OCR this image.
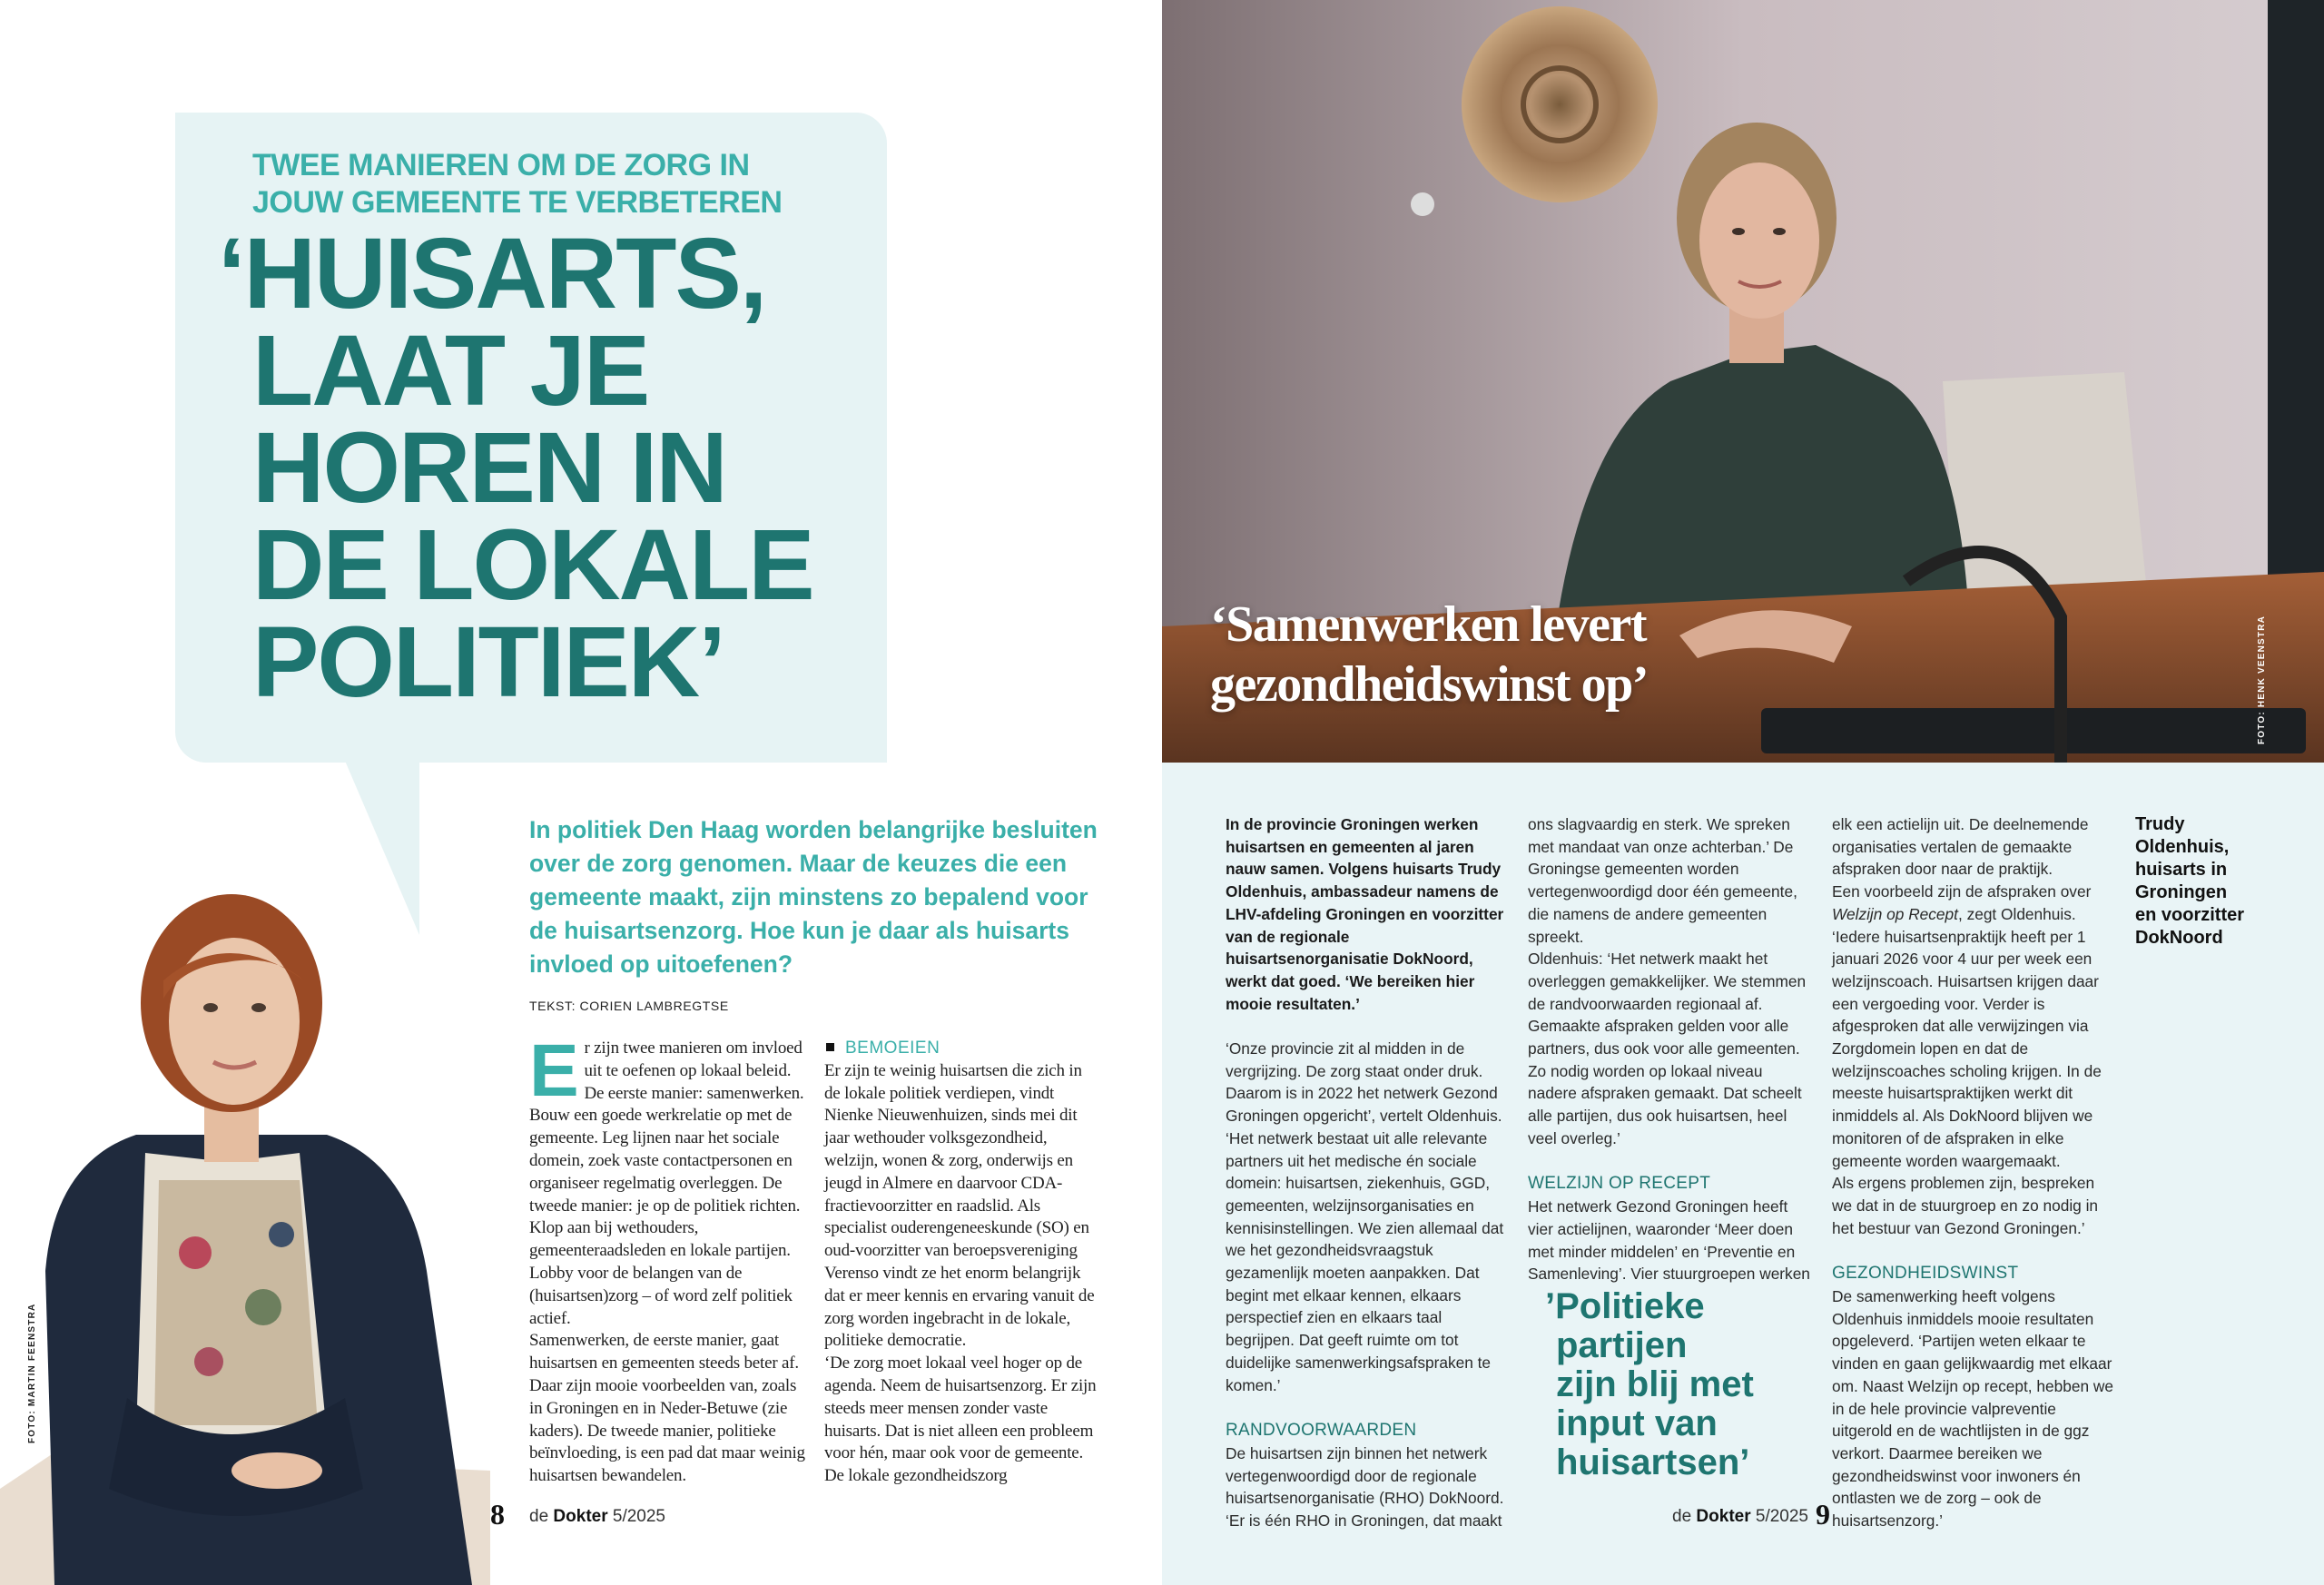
TWEE MANIEREN OM DE ZORG IN
JOUW GEMEENTE TE VERBETEREN
‘HUISARTS,
LAAT JE
HOREN IN
DE LOKALE
POLITIEK’
In politiek Den Haag worden belangrijke besluiten over de zorg genomen. Maar de keuzes die een gemeente maakt, zijn minstens zo bepalend voor de huisartsenzorg. Hoe kun je daar als huisarts invloed op uitoefenen?
TEKST: CORIEN LAMBREGTSE

Er zijn twee manieren om invloed uit te oefenen op lokaal beleid. De eerste manier: samenwerken. Bouw een goede werkrelatie op met de gemeente. Leg lijnen naar het sociale domein, zoek vaste contactpersonen en organiseer regelmatig overleggen. De tweede manier: je op de politiek richten. Klop aan bij wethouders, gemeenteraadsleden en lokale partijen. Lobby voor de belangen van de (huisartsen)zorg – of word zelf politiek actief.

Samenwerken, de eerste manier, gaat huisartsen en gemeenten steeds beter af. Daar zijn mooie voorbeelden van, zoals in Groningen en in Neder-Betuwe (zie kaders). De tweede manier, politieke beïnvloeding, is een pad dat maar weinig huisartsen bewandelen.

BEMOEIEN

Er zijn te weinig huisartsen die zich in de lokale politiek verdiepen, vindt Nienke Nieuwenhuizen, sinds mei dit jaar wethouder volksgezondheid, welzijn, wonen & zorg, onderwijs en jeugd in Almere en daarvoor CDA-fractievoorzitter en raadslid. Als specialist ouderengeneeskunde (SO) en oud-voorzitter van beroepsvereniging Verenso vindt ze het enorm belangrijk dat er meer kennis en ervaring vanuit de zorg worden ingebracht in de lokale, politieke democratie.

‘De zorg moet lokaal veel hoger op de agenda. Neem de huisartsenzorg. Er zijn steeds meer mensen zonder vaste huisarts. Dat is niet alleen een probleem voor hén, maar ook voor de gemeente. De lokale gezondheidszorg

FOTO: MARTIN FEENSTRA
8 de Dokter 5/2025
‘Samenwerken levert
gezondheidswinst op’	FOTO: HENK VEENSTRA

In de provincie Groningen werken huisartsen en gemeenten al jaren nauw samen. Volgens huisarts Trudy Oldenhuis, ambassadeur namens de LHV-afdeling Groningen en voorzitter van de regionale huisartsenorganisatie DokNoord, werkt dat goed. ‘We bereiken hier mooie resultaten.’

‘Onze provincie zit al midden in de vergrijzing. De zorg staat onder druk. Daarom is in 2022 het netwerk Gezond Groningen opgericht’, vertelt Oldenhuis. ‘Het netwerk bestaat uit alle relevante partners uit het medische én sociale domein: huisartsen, ziekenhuis, GGD, gemeenten, welzijnsorganisaties en kennisinstellingen. We zien allemaal dat we het gezondheidsvraagstuk gezamenlijk moeten aanpakken. Dat begint met elkaar kennen, elkaars perspectief zien en elkaars taal begrijpen. Dat geeft ruimte om tot duidelijke samenwerkingsafspraken te komen.’

RANDVOORWAARDEN

De huisartsen zijn binnen het netwerk vertegenwoordigd door de regionale huisartsenorganisatie (RHO) DokNoord. ‘Er is één RHO in Groningen, dat maakt

ons slagvaardig en sterk. We spreken met mandaat van onze achterban.’ De Groningse gemeenten worden vertegenwoordigd door één gemeente, die namens de andere gemeenten spreekt.

Oldenhuis: ‘Het netwerk maakt het overleggen gemakkelijker. We stemmen de randvoorwaarden regionaal af. Gemaakte afspraken gelden voor alle partners, dus ook voor alle gemeenten. Zo nodig worden op lokaal niveau nadere afspraken gemaakt. Dat scheelt alle partijen, dus ook huisartsen, heel veel overleg.’

WELZIJN OP RECEPT

Het netwerk Gezond Groningen heeft vier actielijnen, waaronder ‘Meer doen met minder middelen’ en ‘Preventie en Samenleving’. Vier stuurgroepen werken

’Politieke
partijen
zijn blij met
input van
huisartsen’

elk een actielijn uit. De deelnemende organisaties vertalen de gemaakte afspraken door naar de praktijk.

Een voorbeeld zijn de afspraken over Welzijn op Recept, zegt Oldenhuis. ‘Iedere huisartsenpraktijk heeft per 1 januari 2026 voor 4 uur per week een welzijnscoach. Huisartsen krijgen daar een vergoeding voor. Verder is afgesproken dat alle verwijzingen via Zorgdomein lopen en dat de welzijnscoaches scholing krijgen. In de meeste huisartspraktijken werkt dit inmiddels al. Als DokNoord blijven we monitoren of de afspraken in elke gemeente worden waargemaakt.

Als ergens problemen zijn, bespreken we dat in de stuurgroep en zo nodig in het bestuur van Gezond Groningen.’

GEZONDHEIDSWINST

De samenwerking heeft volgens Oldenhuis inmiddels mooie resultaten opgeleverd. ‘Partijen weten elkaar te vinden en gaan gelijkwaardig met elkaar om. Naast Welzijn op recept, hebben we in de hele provincie valpreventie uitgerold en de wachtlijsten in de ggz verkort. Daarmee bereiken we gezondheidswinst voor inwoners én ontlasten we de zorg – ook de huisartsenzorg.’

Trudy
Oldenhuis,
huisarts in
Groningen
en voorzitter
DokNoord
de Dokter 5/2025 9
